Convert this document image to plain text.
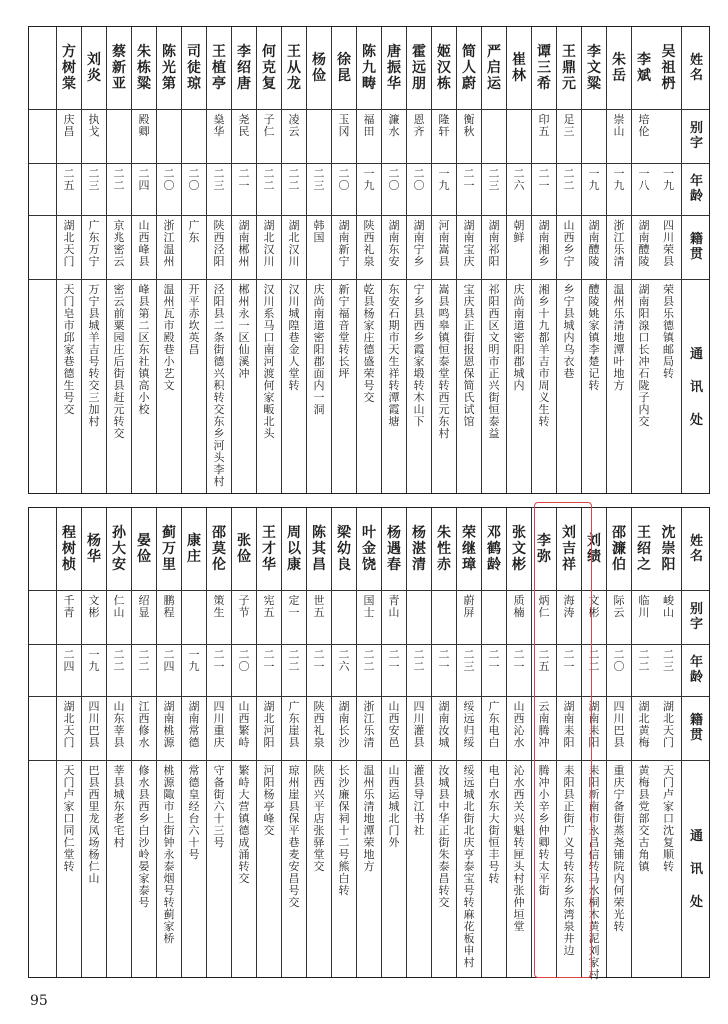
吴
祖
枬
一
九
四
川
荣
县
荣
县
乐
德
镇
邮
局
转
李
斌
培
伦
一
八
湖
南
醴
陵
湖
南
阳
湶
口
长
冲
石
陇
子
内
交
朱
岳
崇
山
一
九
浙
江
乐
清
温
州
乐
清
地
潭
叶
地
方
李
文
粱
一
九
湖
南
醴
陵
醴
陵
姚
家
镇
李
楚
记
转
王
鼎
元
足
三
二
二
山
西
乡
宁
乡
宁
县
城
内
乌
衣
巷
谭
三
希
印
五
二
一
湖
南
湘
乡
湘
乡
十
九
都
羊
吉
市
周
义
生
转
崔
林
二
六
朝
鲜
庆
尚
南
道
密
阳
郡
城
内
严
启
运
二
三
湖
南
祁
阳
祁
阳
西
区
文
明
市
正
兴
街
恒
泰
益
简
人
蔚
衡
秋
二
一
湖
南
宝
庆
宝
庆
县
正
街
报
恩
保
简
氏
试
馆
姬
汉
栋
隆
轩
一
九
河
南
嵩
县
嵩
县
鸣
皋
镇
恒
泰
堂
转
西
元
东
村
霍
远
朋
恩
齐
二
〇
湖
南
宁
乡
宁
乡
县
西
乡
霞
家
塅
转
木
山
下
唐
振
华
濂
水
二
〇
湖
南
东
安
东
安
石
期
市
天
生
祥
转
潭
霞
塘
陈
九
畴
福
田
一
九
陕
西
礼
泉
乾
县
杨
家
庄
德
盛
荣
号
交
徐
昆
玉
冈
二
〇
湖
南
新
宁
新
宁
福
音
堂
转
长
坪
杨
俭
二
三
韩
国
庆
尚
南
道
密
阳
郡
面
内
一
洞
王
从
龙
凌
云
二
二
湖
北
汉
川
汉
川
城
隍
巷
金
人
堂
转
何
克
复
子
仁
二
二
湖
北
汉
川
汉
川
系
马
口
南
河
渡
何
家
畈
北
头
李
绍
唐
尧
民
二
一
湖
南
郴
州
郴
州
永
一
区
仙
溪
冲
王
植
亭
燊
华
二
三
陕
西
泾
阳
泾
阳
县
二
条
街
德
兴
积
转
交
东
乡
河
头
李
村
司
徒
琼
二
〇
广
东
开
平
赤
坎
英
昌
陈
光
第
二
〇
浙
江
温
州
温
州
瓦
市
殿
巷
小
艺
文
朱
栋
粱
殿
卿
二
四
山
西
峰
县
峰
县
第
二
区
东
社
镇
高
小
校
蔡
新
亚
二
二
京
兆
密
云
密
云
前
粟
园
庄
后
街
县
赶
元
转
交
刘
炎
执
戈
二
三
广
东
万
宁
万
宁
县
城
羊
吉
号
转
交
三
加
村
方
树
棠
庆
昌
二
五
湖
北
天
门
天
门
皂
市
邱
家
巷
德
生
号
交
姓
名
别
字
年
龄
籍
贯
通
讯
处
沈
崇
阳
峻
山
二
三
湖
北
天
门
天
门
卢
家
口
沈
复
顺
转
王
绍
之
临
川
二
二
湖
北
黄
梅
黄
梅
县
党
部
交
古
角
镇
邵
濂
伯
际
云
二
〇
四
川
巴
县
重
庆
宁
备
街
蒸
尧
铺
院
内
何
荣
光
转
刘
绩
文
彬
二
二
湖
南
耒
阳
耒
阳
新
南
市
永
昌
信
转
马
水
桐
木
黄
泥
刘
家
村
刘
吉
祥
海
涛
二
一
湖
南
耒
阳
耒
阳
县
正
街
广
义
号
转
东
乡
东
湾
泉
井
边
李
弥
炳
仁
二
五
云
南
腾
冲
腾
冲
小
辛
乡
仲
卿
转
太
平
街
张
文
彬
质
楠
二
一
山
西
沁
水
沁
水
西
关
兴
魁
转
匣
头
村
张
仲
垣
堂
邓
鹤
龄
二
一
广
东
电
白
电
白
水
东
大
街
恒
丰
号
转
荣
继
璋
蔚
屏
二
三
绥
远
归
绥
绥
远
城
北
街
北
庆
亨
泰
宝
号
转
麻
花
板
申
村
朱
性
赤
二
一
湖
南
汝
城
汝
城
县
中
华
正
街
朱
泰
昌
转
交
杨
湛
清
二
二
四
川
灌
县
灌
县
导
江
书
社
杨
遇
春
青
山
二
一
山
西
安
邑
山
西
运
城
北
门
外
叶
金
饶
国
士
二
二
浙
江
乐
清
温
州
乐
清
地
潭
荣
地
方
梁
幼
良
二
六
湖
南
长
沙
长
沙
廉
保
祠
十
二
号
熊
白
转
陈
其
昌
世
五
二
一
陕
西
礼
泉
陕
西
兴
平
店
张
驿
堂
交
周
以
康
定
一
二
二
广
东
崖
县
琼
州
崖
县
保
平
巷
麦
安
昌
号
交
王
才
华
宪
五
二
一
湖
北
河
阳
河
阳
杨
亭
峰
交
张
俭
子
节
二
〇
山
西
繁
峙
繁
峙
大
营
镇
德
成
涌
转
交
邵
莫
伦
策
生
二
一
四
川
重
庆
守
备
街
六
十
三
号
康
庄
一
九
湖
南
常
德
常
德
皇
经
台
六
十
号
蓟
万
里
鹏
程
二
四
湖
南
桃
源
桃
源
陬
市
上
街
钟
永
泰
烟
号
转
蓟
家
桥
晏
俭
绍
显
二
二
江
西
修
水
修
水
县
西
乡
白
沙
岭
晏
家
泰
号
孙
大
安
仁
山
二
二
山
东
莘
县
莘
县
城
东
老
宅
村
杨
华
文
彬
一
九
四
川
巴
县
巴
县
西
里
龙
凤
场
杨
仁
山
程
树
桢
千
青
二
四
湖
北
天
门
天
门
卢
家
口
同
仁
堂
转
姓
名
别
字
年
龄
籍
贯
通
讯
处
95
